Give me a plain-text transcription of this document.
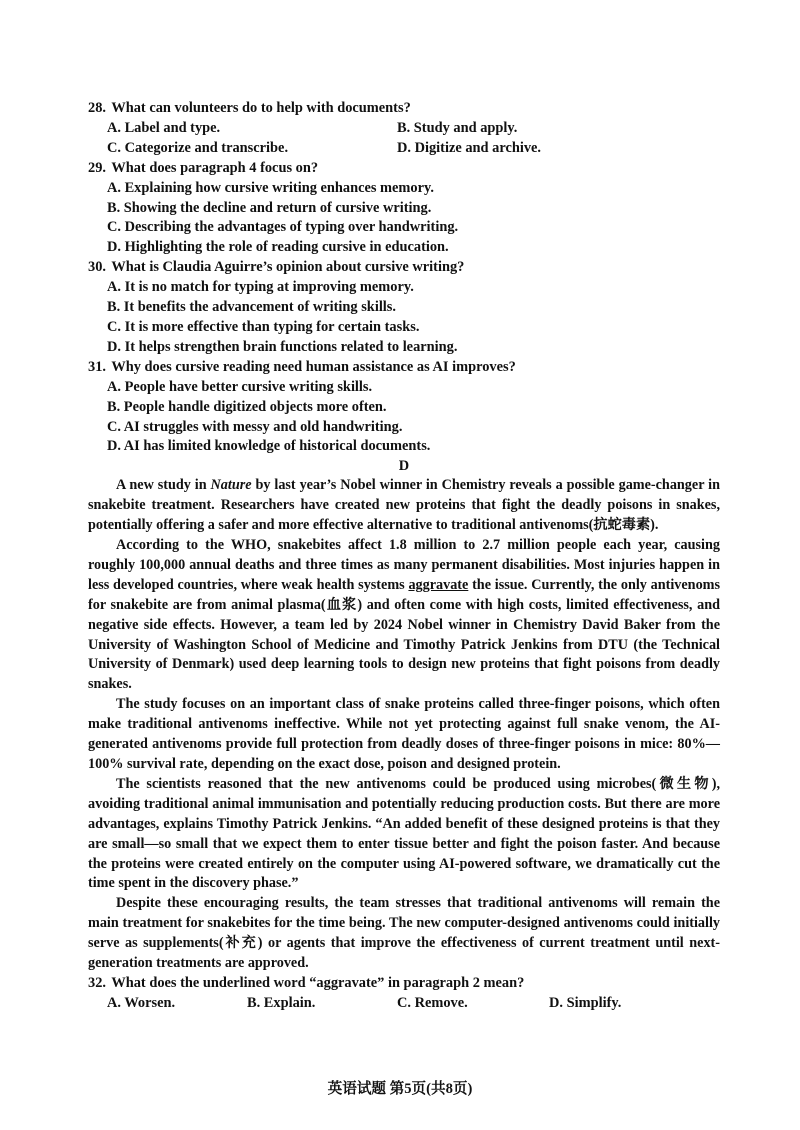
28. What can volunteers do to help with documents?

A. Label and type.	B. Study and apply.
C. Categorize and transcribe.	D. Digitize and archive.

29. What does paragraph 4 focus on?

A. Explaining how cursive writing enhances memory.

B. Showing the decline and return of cursive writing.

C. Describing the advantages of typing over handwriting.

D. Highlighting the role of reading cursive in education.

30. What is Claudia Aguirre’s opinion about cursive writing?

A. It is no match for typing at improving memory.

B. It benefits the advancement of writing skills.

C. It is more effective than typing for certain tasks.

D. It helps strengthen brain functions related to learning.

31. Why does cursive reading need human assistance as AI improves?

A. People have better cursive writing skills.

B. People handle digitized objects more often.

C. AI struggles with messy and old handwriting.

D. AI has limited knowledge of historical documents.

D

A new study in Nature by last year’s Nobel winner in Chemistry reveals a possible game-changer in snakebite treatment. Researchers have created new proteins that fight the deadly poisons in snakes, potentially offering a safer and more effective alternative to traditional antivenoms(抗蛇毒素).

According to the WHO, snakebites affect 1.8 million to 2.7 million people each year, causing roughly 100,000 annual deaths and three times as many permanent disabilities. Most injuries happen in less developed countries, where weak health systems aggravate the issue. Currently, the only antivenoms for snakebite are from animal plasma(血浆) and often come with high costs, limited effectiveness, and negative side effects. However, a team led by 2024 Nobel winner in Chemistry David Baker from the University of Washington School of Medicine and Timothy Patrick Jenkins from DTU (the Technical University of Denmark) used deep learning tools to design new proteins that fight poisons from deadly snakes.

The study focuses on an important class of snake proteins called three-finger poisons, which often make traditional antivenoms ineffective. While not yet protecting against full snake venom, the AI-generated antivenoms provide full protection from deadly doses of three-finger poisons in mice: 80%—100% survival rate, depending on the exact dose, poison and designed protein.

The scientists reasoned that the new antivenoms could be produced using microbes(微生物), avoiding traditional animal immunisation and potentially reducing production costs. But there are more advantages, explains Timothy Patrick Jenkins. “An added benefit of these designed proteins is that they are small—so small that we expect them to enter tissue better and fight the poison faster. And because the proteins were created entirely on the computer using AI-powered software, we dramatically cut the time spent in the discovery phase.”

Despite these encouraging results, the team stresses that traditional antivenoms will remain the main treatment for snakebites for the time being. The new computer-designed antivenoms could initially serve as supplements(补充) or agents that improve the effectiveness of current treatment until next-generation treatments are approved.

32. What does the underlined word “aggravate” in paragraph 2 mean?

A. Worsen.	B. Explain.	C. Remove.	D. Simplify.
英语试题 第5页(共8页)
